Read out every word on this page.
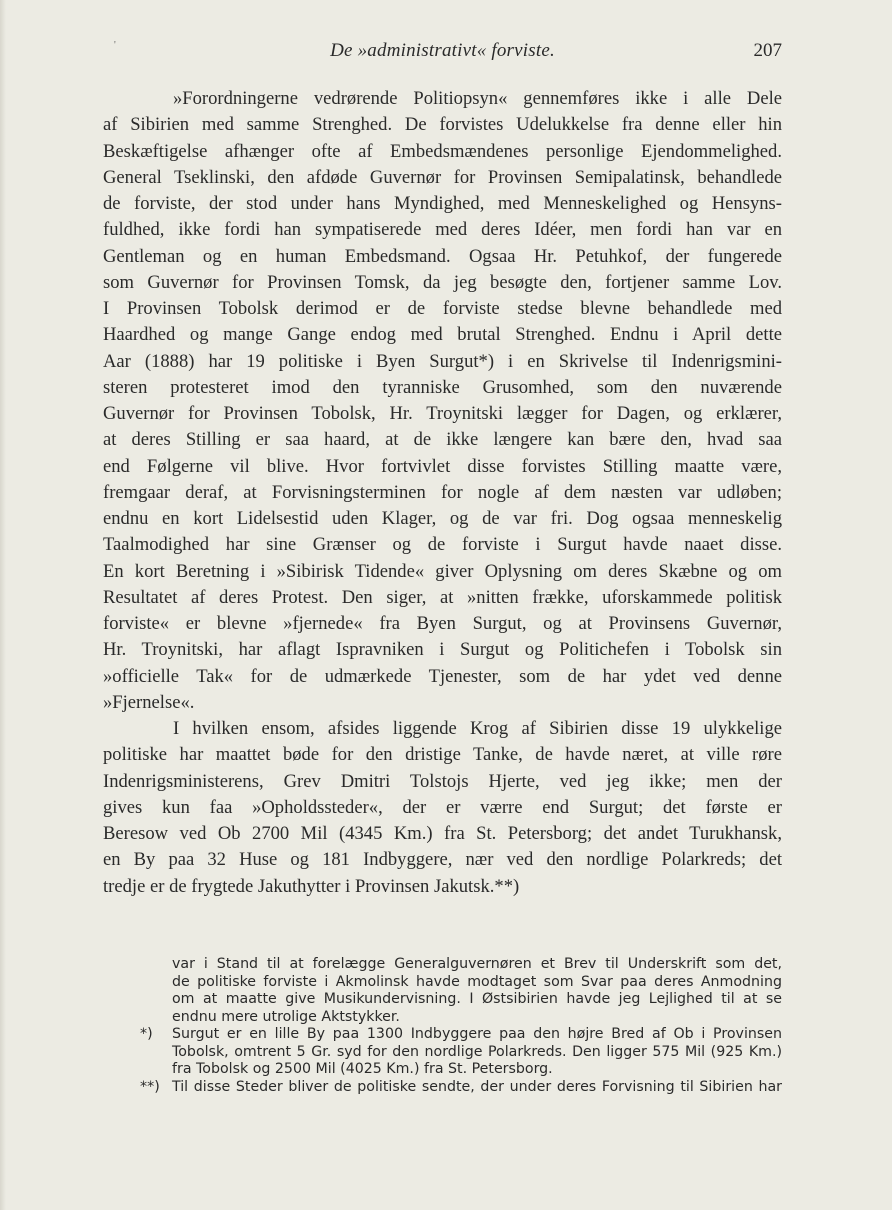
'	De »administrativt« forviste.	207
»Forordningerne vedrørende Politiopsyn« gennemføres ikke i alle Dele
af Sibirien med samme Strenghed. De forvistes Udelukkelse fra denne eller hin
Beskæftigelse afhænger ofte af Embedsmændenes personlige Ejendommelighed.
General Tseklinski, den afdøde Guvernør for Provinsen Semipalatinsk, behandlede
de forviste, der stod under hans Myndighed, med Menneskelighed og Hensyns-
fuldhed, ikke fordi han sympatiserede med deres Idéer, men fordi han var en
Gentleman og en human Embedsmand. Ogsaa Hr. Petuhkof, der fungerede
som Guvernør for Provinsen Tomsk, da jeg besøgte den, fortjener samme Lov.
I Provinsen Tobolsk derimod er de forviste stedse blevne behandlede med
Haardhed og mange Gange endog med brutal Strenghed. Endnu i April dette
Aar (1888) har 19 politiske i Byen Surgut*) i en Skrivelse til Indenrigsmini-
steren protesteret imod den tyranniske Grusomhed, som den nuværende
Guvernør for Provinsen Tobolsk, Hr. Troynitski lægger for Dagen, og erklærer,
at deres Stilling er saa haard, at de ikke længere kan bære den, hvad saa
end Følgerne vil blive. Hvor fortvivlet disse forvistes Stilling maatte være,
fremgaar deraf, at Forvisningsterminen for nogle af dem næsten var udløben;
endnu en kort Lidelsestid uden Klager, og de var fri. Dog ogsaa menneskelig
Taalmodighed har sine Grænser og de forviste i Surgut havde naaet disse.
En kort Beretning i »Sibirisk Tidende« giver Oplysning om deres Skæbne og om
Resultatet af deres Protest. Den siger, at »nitten frække, uforskammede politisk
forviste« er blevne »fjernede« fra Byen Surgut, og at Provinsens Guvernør,
Hr. Troynitski, har aflagt Ispravniken i Surgut og Politichefen i Tobolsk sin
»officielle Tak« for de udmærkede Tjenester, som de har ydet ved denne
»Fjernelse«.
I hvilken ensom, afsides liggende Krog af Sibirien disse 19 ulykkelige
politiske har maattet bøde for den dristige Tanke, de havde næret, at ville røre
Indenrigsministerens, Grev Dmitri Tolstojs Hjerte, ved jeg ikke; men der
gives kun faa »Opholdssteder«, der er værre end Surgut; det første er
Beresow ved Ob 2700 Mil (4345 Km.) fra St. Petersborg; det andet Turukhansk,
en By paa 32 Huse og 181 Indbyggere, nær ved den nordlige Polarkreds; det
tredje er de frygtede Jakuthytter i Provinsen Jakutsk.**)
var i Stand til at forelægge Generalguvernøren et Brev til Underskrift som det,
de politiske forviste i Akmolinsk havde modtaget som Svar paa deres Anmodning
om at maatte give Musikundervisning. I Østsibirien havde jeg Lejlighed til at se
endnu mere utrolige Aktstykker.
*)	Surgut er en lille By paa 1300 Indbyggere paa den højre Bred af Ob i Provinsen
Tobolsk, omtrent 5 Gr. syd for den nordlige Polarkreds. Den ligger 575 Mil (925 Km.)
fra Tobolsk og 2500 Mil (4025 Km.) fra St. Petersborg.
**) Til disse Steder bliver de politiske sendte, der under deres Forvisning til Sibirien har
